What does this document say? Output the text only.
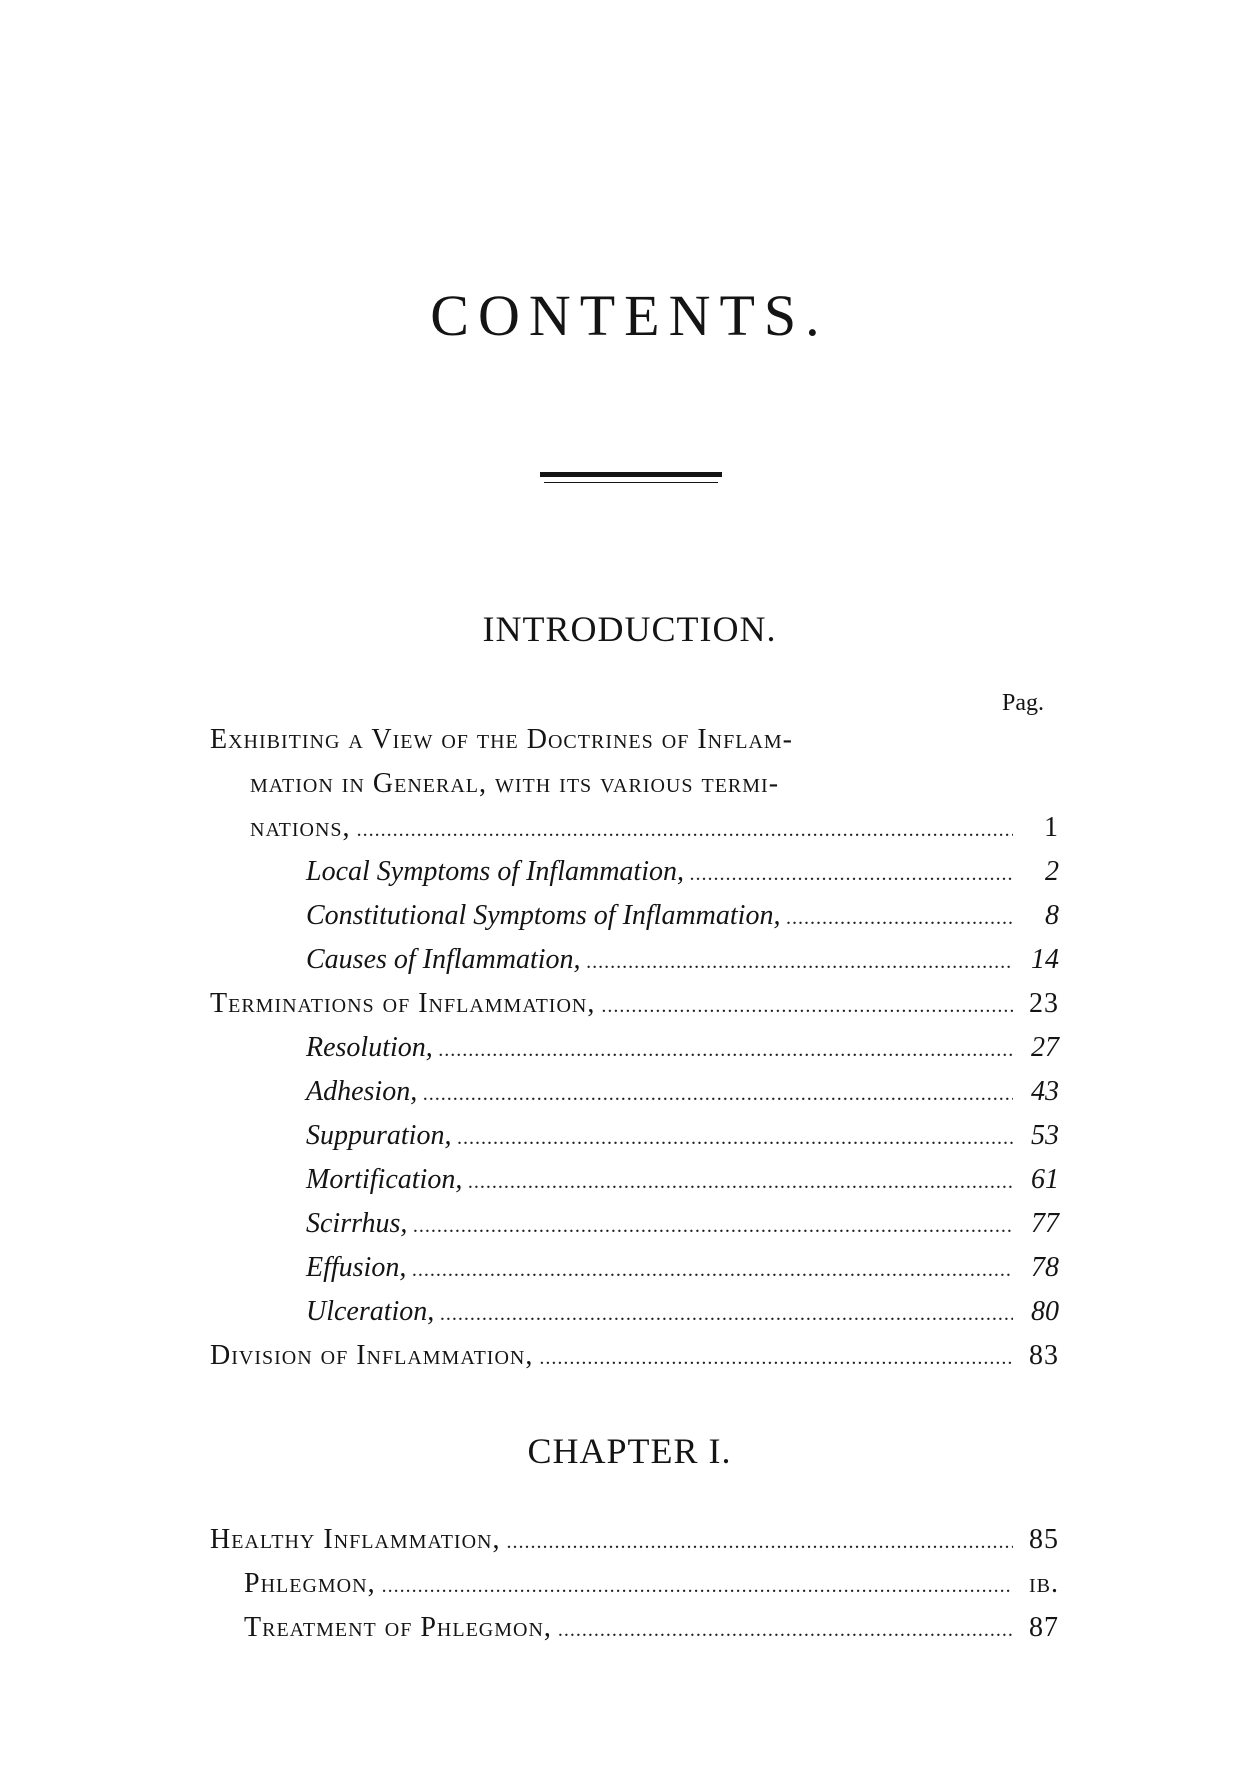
CONTENTS.
INTRODUCTION.
Pag.
Exhibiting a View of the Doctrines of Inflam-
mation in General, with its various termi-
nations, .....	1
Local Symptoms of Inflammation, .....	2
Constitutional Symptoms of Inflammation, .....	8
Causes of Inflammation, .....	14
Terminations of Inflammation, .....	23
Resolution, .....	27
Adhesion, .....	43
Suppuration, .....	53
Mortification, .....	61
Scirrhus, .....	77
Effusion, .....	78
Ulceration, .....	80
Division of Inflammation, .....	83
CHAPTER I.
Healthy Inflammation, .....	85
Phlegmon, .....	ib.
Treatment of Phlegmon, .....	87
